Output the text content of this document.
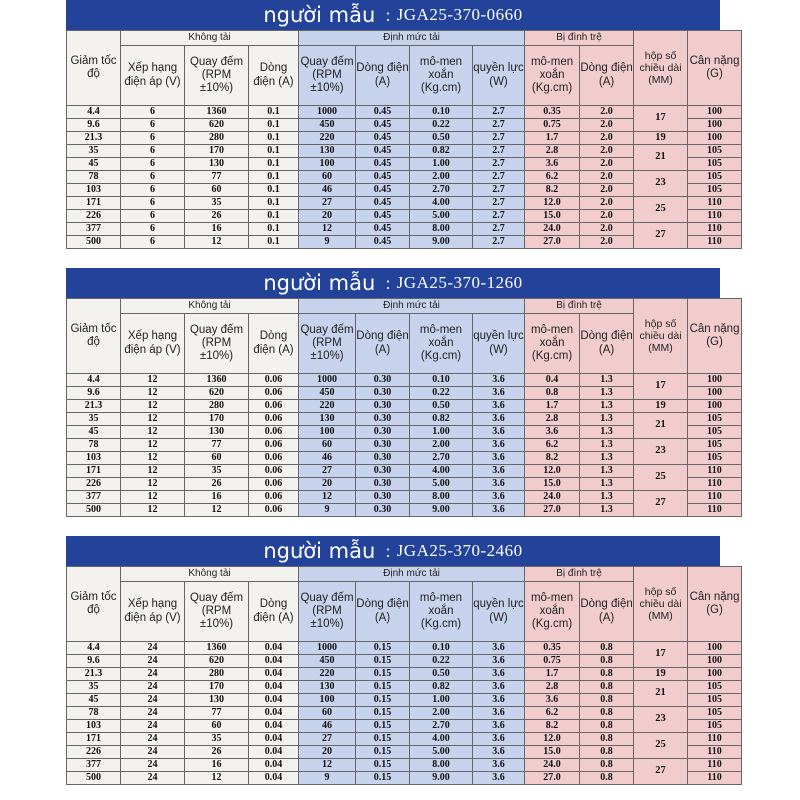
người mẫu : JGA25-370-0660
Giảm tốc độ	Không tải			Định mức tải				Bị đình trệ		hộp số chiều dài (MM)	Cân nặng (G)
	Xếp hạng điện áp (V)	Quay đếm (RPM ±10%)	Dòng điện (A)	Quay đếm (RPM ±10%)	Dòng điện (A)	mô-men xoắn (Kg.cm)	quyền lực (W)	mô-men xoắn (Kg.cm)	Dòng điện (A)		
4.4	6	1360	0.1	1000	0.45	0.10	2.7	0.35	2.0	17	100
9.6	6	620	0.1	450	0.45	0.22	2.7	0.75	2.0		100
21.3	6	280	0.1	220	0.45	0.50	2.7	1.7	2.0	19	100
35	6	170	0.1	130	0.45	0.82	2.7	2.8	2.0	21	105
45	6	130	0.1	100	0.45	1.00	2.7	3.6	2.0		105
78	6	77	0.1	60	0.45	2.00	2.7	6.2	2.0	23	105
103	6	60	0.1	46	0.45	2.70	2.7	8.2	2.0		105
171	6	35	0.1	27	0.45	4.00	2.7	12.0	2.0	25	110
226	6	26	0.1	20	0.45	5.00	2.7	15.0	2.0		110
377	6	16	0.1	12	0.45	8.00	2.7	24.0	2.0	27	110
500	6	12	0.1	9	0.45	9.00	2.7	27.0	2.0		110
người mẫu : JGA25-370-1260
Giảm tốc độ	Không tải			Định mức tải				Bị đình trệ		hộp số chiều dài (MM)	Cân nặng (G)
	Xếp hạng điện áp (V)	Quay đếm (RPM ±10%)	Dòng điện (A)	Quay đếm (RPM ±10%)	Dòng điện (A)	mô-men xoắn (Kg.cm)	quyền lực (W)	mô-men xoắn (Kg.cm)	Dòng điện (A)		
4.4	12	1360	0.06	1000	0.30	0.10	3.6	0.4	1.3	17	100
9.6	12	620	0.06	450	0.30	0.22	3.6	0.8	1.3		100
21.3	12	280	0.06	220	0.30	0.50	3.6	1.7	1.3	19	100
35	12	170	0.06	130	0.30	0.82	3.6	2.8	1.3	21	105
45	12	130	0.06	100	0.30	1.00	3.6	3.6	1.3		105
78	12	77	0.06	60	0.30	2.00	3.6	6.2	1.3	23	105
103	12	60	0.06	46	0.30	2.70	3.6	8.2	1.3		105
171	12	35	0.06	27	0.30	4.00	3.6	12.0	1.3	25	110
226	12	26	0.06	20	0.30	5.00	3.6	15.0	1.3		110
377	12	16	0.06	12	0.30	8.00	3.6	24.0	1.3	27	110
500	12	12	0.06	9	0.30	9.00	3.6	27.0	1.3		110
người mẫu : JGA25-370-2460
Giảm tốc độ	Không tải			Định mức tải				Bị đình trệ		hộp số chiều dài (MM)	Cân nặng (G)
	Xếp hạng điện áp (V)	Quay đếm (RPM ±10%)	Dòng điện (A)	Quay đếm (RPM ±10%)	Dòng điện (A)	mô-men xoắn (Kg.cm)	quyền lực (W)	mô-men xoắn (Kg.cm)	Dòng điện (A)		
4.4	24	1360	0.04	1000	0.15	0.10	3.6	0.35	0.8	17	100
9.6	24	620	0.04	450	0.15	0.22	3.6	0.75	0.8		100
21.3	24	280	0.04	220	0.15	0.50	3.6	1.7	0.8	19	100
35	24	170	0.04	130	0.15	0.82	3.6	2.8	0.8	21	105
45	24	130	0.04	100	0.15	1.00	3.6	3.6	0.8		105
78	24	77	0.04	60	0.15	2.00	3.6	6.2	0.8	23	105
103	24	60	0.04	46	0.15	2.70	3.6	8.2	0.8		105
171	24	35	0.04	27	0.15	4.00	3.6	12.0	0.8	25	110
226	24	26	0.04	20	0.15	5.00	3.6	15.0	0.8		110
377	24	16	0.04	12	0.15	8.00	3.6	24.0	0.8	27	110
500	24	12	0.04	9	0.15	9.00	3.6	27.0	0.8		110
